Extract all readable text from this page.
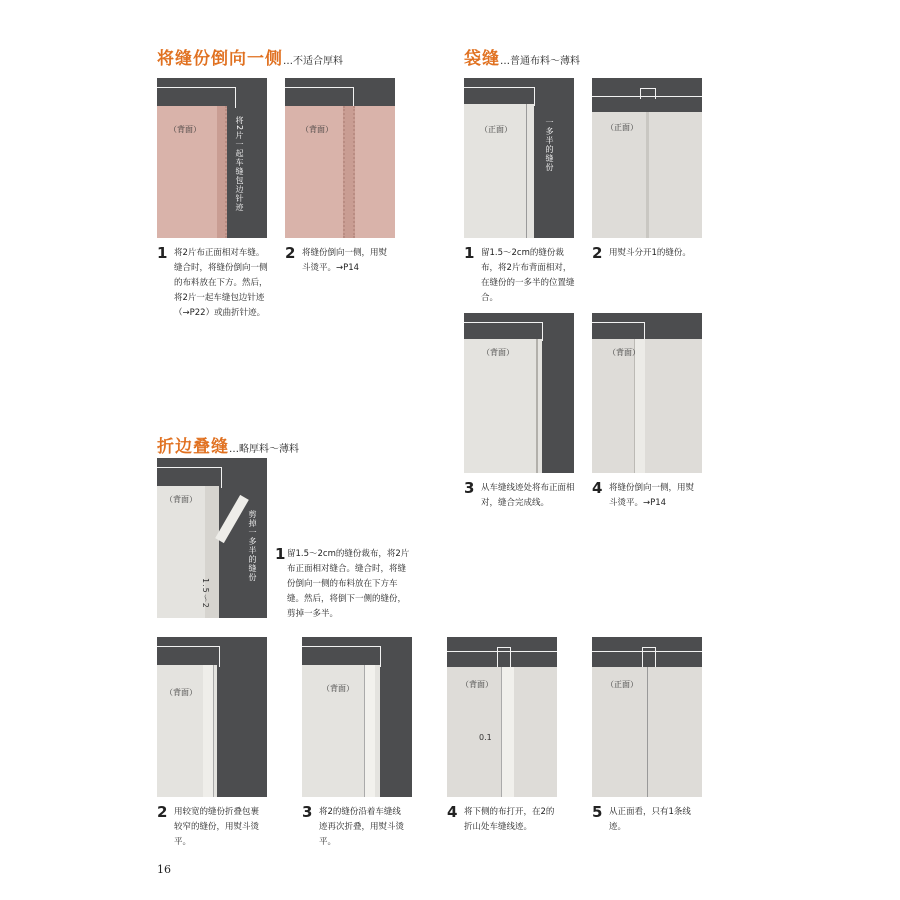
将缝份倒向一侧…不适合厚料	袋缝…普通布料～薄料
折边叠缝…略厚料～薄料
（背面）	将2片一起车缝包边针迹	（背面）
1 将2片布正面相对车缝。
缝合时，将缝份倒向一侧
的布料放在下方。然后，
将2片一起车缝包边针迹
（→P22）或曲折针迹。
2 将缝份倒向一侧，用熨
斗烫平。→P14
（正面）	一多半的缝份	（正面）
（背面）	（背面）
1 留1.5～2cm的缝份裁
布，将2片布背面相对，
在缝份的一多半的位置缝
合。
2 用熨斗分开1的缝份。
3 从车缝线迹处将布正面相
对，缝合完成线。
4 将缝份倒向一侧，用熨
斗烫平。→P14
（背面）
剪掉一多半的缝份
1.5～2
1 留1.5～2cm的缝份裁布，将2片
布正面相对缝合。缝合时，将缝
份倒向一侧的布料放在下方车
缝。然后，将倒下一侧的缝份，
剪掉一多半。
（背面）	（背面）	（背面）
0.1
（正面）
2 用较宽的缝份折叠包裹
较窄的缝份，用熨斗烫
平。
3 将2的缝份沿着车缝线
迹再次折叠，用熨斗烫
平。
4 将下侧的布打开，在2的
折山处车缝线迹。
5 从正面看，只有1条线
迹。
16
